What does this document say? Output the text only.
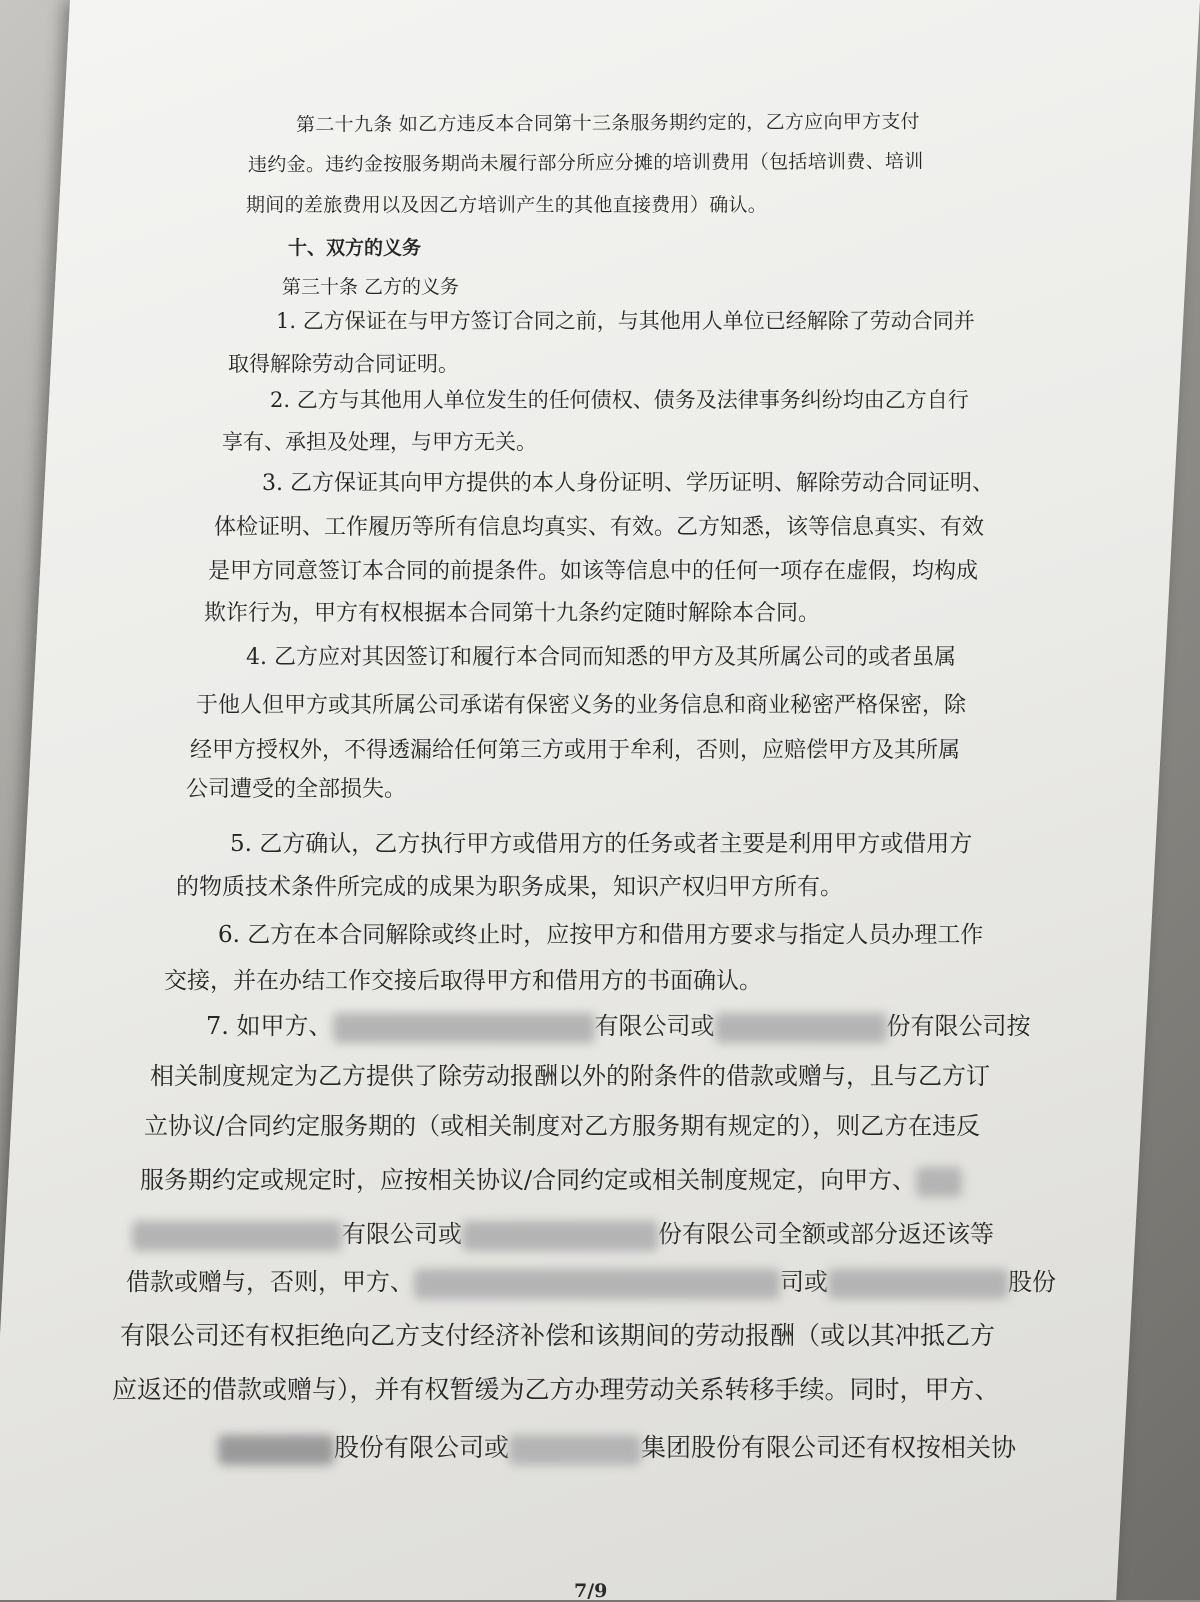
第二十九条 如乙方违反本合同第十三条服务期约定的，乙方应向甲方支付

违约金。违约金按服务期尚未履行部分所应分摊的培训费用（包括培训费、培训

期间的差旅费用以及因乙方培训产生的其他直接费用）确认。

十、双方的义务

第三十条 乙方的义务

1. 乙方保证在与甲方签订合同之前，与其他用人单位已经解除了劳动合同并

取得解除劳动合同证明。

2. 乙方与其他用人单位发生的任何债权、债务及法律事务纠纷均由乙方自行

享有、承担及处理，与甲方无关。

3. 乙方保证其向甲方提供的本人身份证明、学历证明、解除劳动合同证明、

体检证明、工作履历等所有信息均真实、有效。乙方知悉，该等信息真实、有效

是甲方同意签订本合同的前提条件。如该等信息中的任何一项存在虚假，均构成

欺诈行为，甲方有权根据本合同第十九条约定随时解除本合同。

4. 乙方应对其因签订和履行本合同而知悉的甲方及其所属公司的或者虽属

于他人但甲方或其所属公司承诺有保密义务的业务信息和商业秘密严格保密，除

经甲方授权外，不得透漏给任何第三方或用于牟利，否则，应赔偿甲方及其所属

公司遭受的全部损失。

5. 乙方确认，乙方执行甲方或借用方的任务或者主要是利用甲方或借用方

的物质技术条件所完成的成果为职务成果，知识产权归甲方所有。

6. 乙方在本合同解除或终止时，应按甲方和借用方要求与指定人员办理工作

交接，并在办结工作交接后取得甲方和借用方的书面确认。

7. 如甲方、	有限公司或	份有限公司按

相关制度规定为乙方提供了除劳动报酬以外的附条件的借款或赠与，且与乙方订

立协议/合同约定服务期的（或相关制度对乙方服务期有规定的），则乙方在违反

服务期约定或规定时，应按相关协议/合同约定或相关制度规定，向甲方、

有限公司或	份有限公司全额或部分返还该等

借款或赠与，否则，甲方、	司或	股份

有限公司还有权拒绝向乙方支付经济补偿和该期间的劳动报酬（或以其冲抵乙方

应返还的借款或赠与），并有权暂缓为乙方办理劳动关系转移手续。同时，甲方、

股份有限公司或	集团股份有限公司还有权按相关协

7/9
